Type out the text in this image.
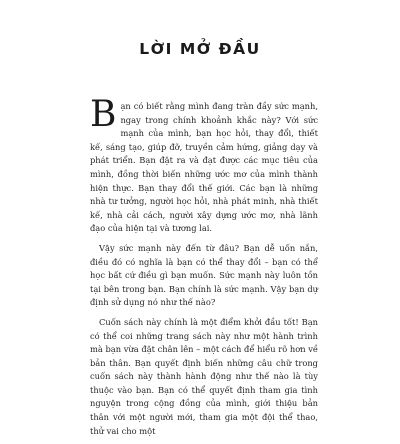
LỜI MỞ ĐẦU

Bạn có biết rằng mình đang tràn đầy sức mạnh, ngay trong chính khoảnh khắc này? Với sức mạnh của mình, bạn học hỏi, thay đổi, thiết kế, sáng tạo, giúp đỡ, truyền cảm hứng, giảng dạy và phát triển. Bạn đặt ra và đạt được các mục tiêu của mình, đồng thời biến những ước mơ của mình thành hiện thực. Bạn thay đổi thế giới. Các bạn là những nhà tư tưởng, người học hỏi, nhà phát minh, nhà thiết kế, nhà cải cách, người xây dựng ước mơ, nhà lãnh đạo của hiện tại và tương lai.

Vậy sức mạnh này đến từ đâu? Bạn dễ uốn nắn, điều đó có nghĩa là bạn có thể thay đổi – bạn có thể học bất cứ điều gì bạn muốn. Sức mạnh này luôn tồn tại bên trong bạn. Bạn chính là sức mạnh. Vậy bạn dự định sử dụng nó như thế nào?

Cuốn sách này chính là một điểm khởi đầu tốt! Bạn có thể coi những trang sách này như một hành trình mà bạn vừa đặt chân lên – một cách để hiểu rõ hơn về bản thân. Bạn quyết định biến những câu chữ trong cuốn sách này thành hành động như thế nào là tùy thuộc vào bạn. Bạn có thể quyết định tham gia tình nguyện trong cộng đồng của mình, giới thiệu bản thân với một người mới, tham gia một đội thể thao, thử vai cho một
